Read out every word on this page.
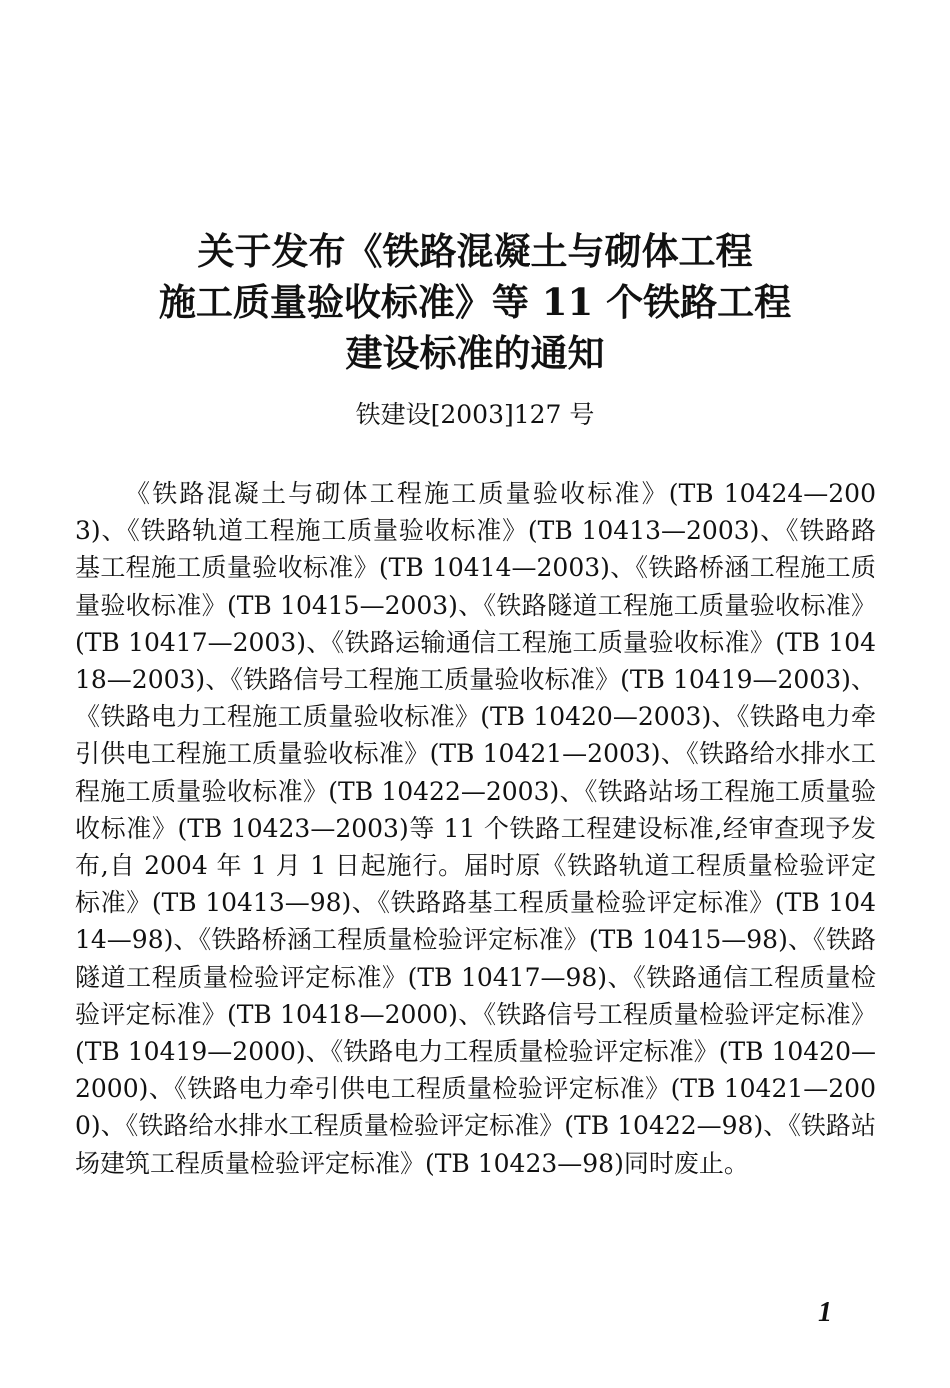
关于发布《铁路混凝土与砌体工程
施工质量验收标准》等 11 个铁路工程
建设标准的通知

铁建设[2003]127 号

《铁路混凝土与砌体工程施工质量验收标准》(TB 10424—2003)、《铁路轨道工程施工质量验收标准》(TB 10413—2003)、《铁路路基工程施工质量验收标准》(TB 10414—2003)、《铁路桥涵工程施工质量验收标准》(TB 10415—2003)、《铁路隧道工程施工质量验收标准》(TB 10417—2003)、《铁路运输通信工程施工质量验收标准》(TB 10418—2003)、《铁路信号工程施工质量验收标准》(TB 10419—2003)、《铁路电力工程施工质量验收标准》(TB 10420—2003)、《铁路电力牵引供电工程施工质量验收标准》(TB 10421—2003)、《铁路给水排水工程施工质量验收标准》(TB 10422—2003)、《铁路站场工程施工质量验收标准》(TB 10423—2003)等 11 个铁路工程建设标准,经审查现予发布,自 2004 年 1 月 1 日起施行。届时原《铁路轨道工程质量检验评定标准》(TB 10413—98)、《铁路路基工程质量检验评定标准》(TB 10414—98)、《铁路桥涵工程质量检验评定标准》(TB 10415—98)、《铁路隧道工程质量检验评定标准》(TB 10417—98)、《铁路通信工程质量检验评定标准》(TB 10418—2000)、《铁路信号工程质量检验评定标准》(TB 10419—2000)、《铁路电力工程质量检验评定标准》(TB 10420—2000)、《铁路电力牵引供电工程质量检验评定标准》(TB 10421—2000)、《铁路给水排水工程质量检验评定标准》(TB 10422—98)、《铁路站场建筑工程质量检验评定标准》(TB 10423—98)同时废止。

1
